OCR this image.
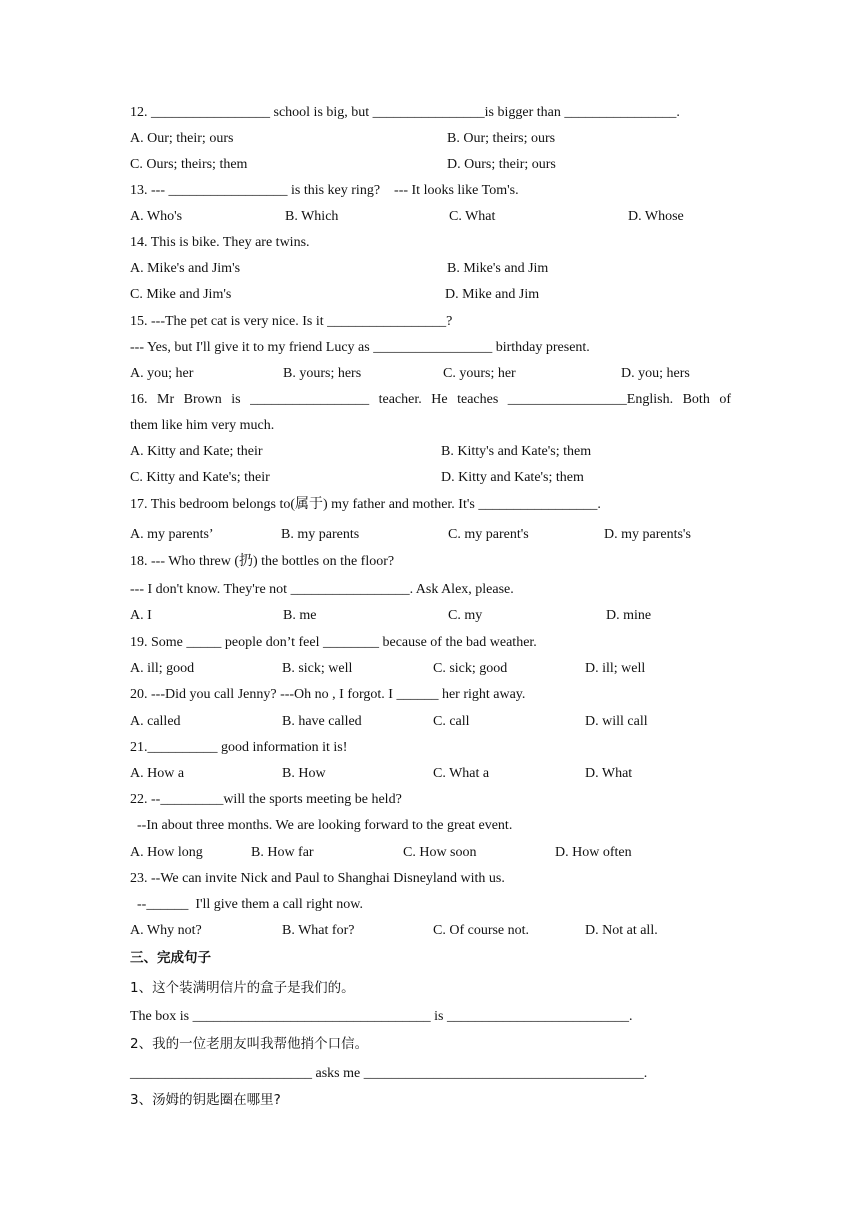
12. _________________ school is big, but ________________is bigger than ________________.
A. Our; their; ours	B. Our; theirs; ours
C. Ours; theirs; them	D. Ours; their; ours
13. --- _________________ is this key ring?    --- It looks like Tom's.
A. Who's	B. Which	C. What	D. Whose
14. This is bike. They are twins.
A. Mike's and Jim's	B. Mike's and Jim
C. Mike and Jim's	D. Mike and Jim
15. ---The pet cat is very nice. Is it _________________?
--- Yes, but I'll give it to my friend Lucy as _________________ birthday present.
A. you; her	B. yours; hers	C. yours; her	D. you; hers
16. Mr Brown is _________________ teacher. He teaches _________________English. Both of
them like him very much.
A. Kitty and Kate; their	B. Kitty's and Kate's; them
C. Kitty and Kate's; their	D. Kitty and Kate's; them
17. This bedroom belongs to(属于) my father and mother. It's _________________.
A. my parents’	B. my parents	C. my parent's	D. my parents's
18. --- Who threw (扔) the bottles on the floor?
--- I don't know. They're not _________________. Ask Alex, please.
A. I	B. me	C. my	D. mine
19. Some _____ people don’t feel ________ because of the bad weather.
A. ill; good	B. sick; well	C. sick; good	D. ill; well
20. ---Did you call Jenny? ---Oh no , I forgot. I ______ her right away.
A. called	B. have called	C. call	D. will call
21.__________ good information it is!
A. How a	B. How	C. What a	D. What
22. --_________will the sports meeting be held?
--In about three months. We are looking forward to the great event.
A. How long	B. How far	C. How soon	D. How often
23. --We can invite Nick and Paul to Shanghai Disneyland with us.
--______  I'll give them a call right now.
A. Why not?	B. What for?	C. Of course not.	D. Not at all.
三、完成句子
1、这个装满明信片的盒子是我们的。
The box is __________________________________ is __________________________.
2、我的一位老朋友叫我帮他捎个口信。
__________________________ asks me ________________________________________.
3、汤姆的钥匙圈在哪里?
